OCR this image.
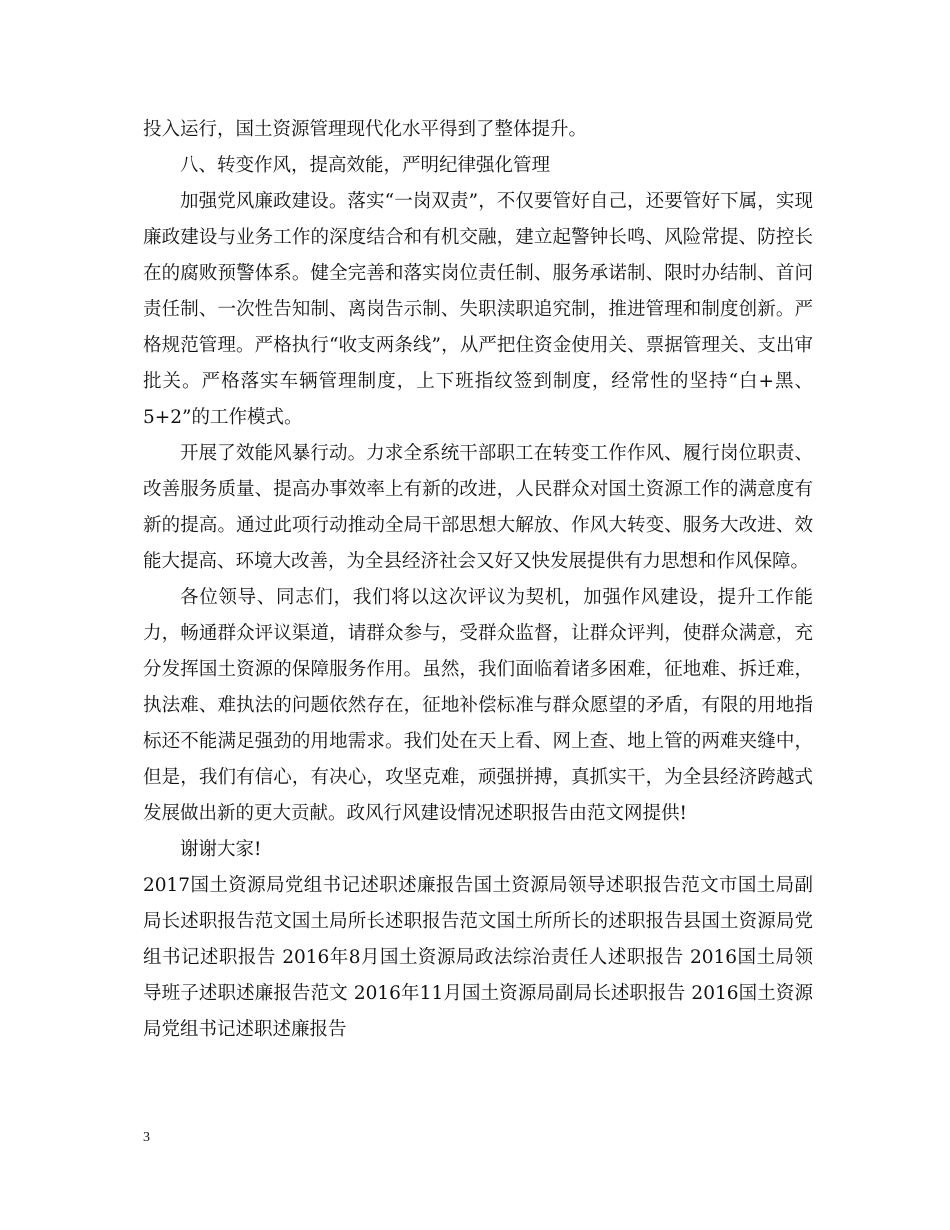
投入运行，国土资源管理现代化水平得到了整体提升。

八、转变作风，提高效能，严明纪律强化管理

加强党风廉政建设。落实“一岗双责”，不仅要管好自己，还要管好下属，实现廉政建设与业务工作的深度结合和有机交融，建立起警钟长鸣、风险常提、防控长在的腐败预警体系。健全完善和落实岗位责任制、服务承诺制、限时办结制、首问责任制、一次性告知制、离岗告示制、失职渎职追究制，推进管理和制度创新。严格规范管理。严格执行“收支两条线”，从严把住资金使用关、票据管理关、支出审批关。严格落实车辆管理制度，上下班指纹签到制度，经常性的坚持“白+黑、5+2”的工作模式。

开展了效能风暴行动。力求全系统干部职工在转变工作作风、履行岗位职责、改善服务质量、提高办事效率上有新的改进，人民群众对国土资源工作的满意度有新的提高。通过此项行动推动全局干部思想大解放、作风大转变、服务大改进、效能大提高、环境大改善，为全县经济社会又好又快发展提供有力思想和作风保障。

各位领导、同志们，我们将以这次评议为契机，加强作风建设，提升工作能力，畅通群众评议渠道，请群众参与，受群众监督，让群众评判，使群众满意，充分发挥国土资源的保障服务作用。虽然，我们面临着诸多困难，征地难、拆迁难，执法难、难执法的问题依然存在，征地补偿标准与群众愿望的矛盾，有限的用地指标还不能满足强劲的用地需求。我们处在天上看、网上查、地上管的两难夹缝中，但是，我们有信心，有决心，攻坚克难，顽强拼搏，真抓实干，为全县经济跨越式发展做出新的更大贡献。政风行风建设情况述职报告由范文网提供!

谢谢大家!

2017国土资源局党组书记述职述廉报告国土资源局领导述职报告范文市国土局副局长述职报告范文国土局所长述职报告范文国土所所长的述职报告县国土资源局党组书记述职报告 2016年8月国土资源局政法综治责任人述职报告 2016国土局领导班子述职述廉报告范文 2016年11月国土资源局副局长述职报告 2016国土资源局党组书记述职述廉报告

3
